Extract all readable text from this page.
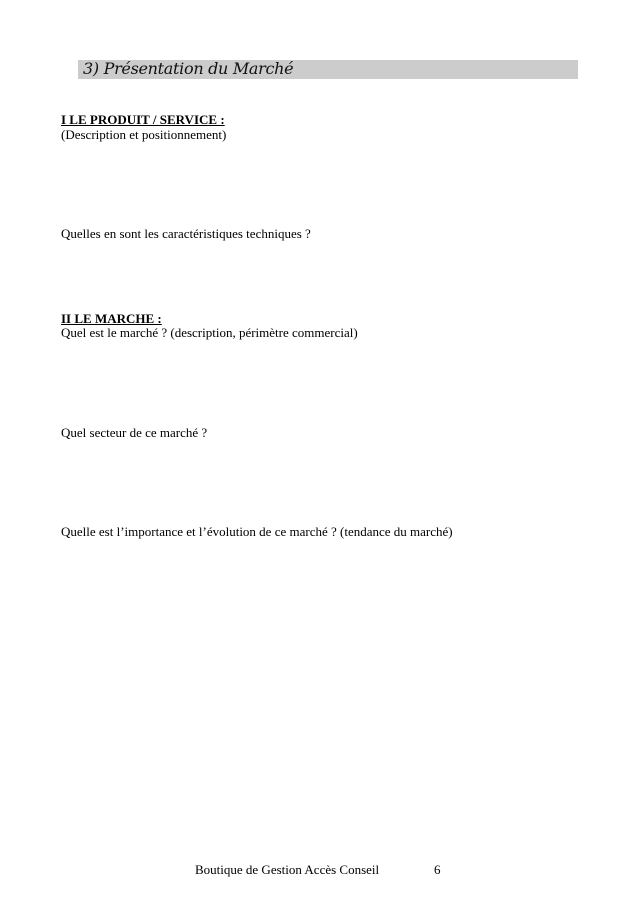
3) Présentation du Marché
I LE PRODUIT / SERVICE :
(Description et positionnement)
Quelles en sont les caractéristiques techniques ?
II LE MARCHE :
Quel est le marché ? (description, périmètre commercial)
Quel secteur de ce marché ?
Quelle est l’importance et l’évolution de ce marché ? (tendance du marché)
Boutique de Gestion Accès Conseil	6
